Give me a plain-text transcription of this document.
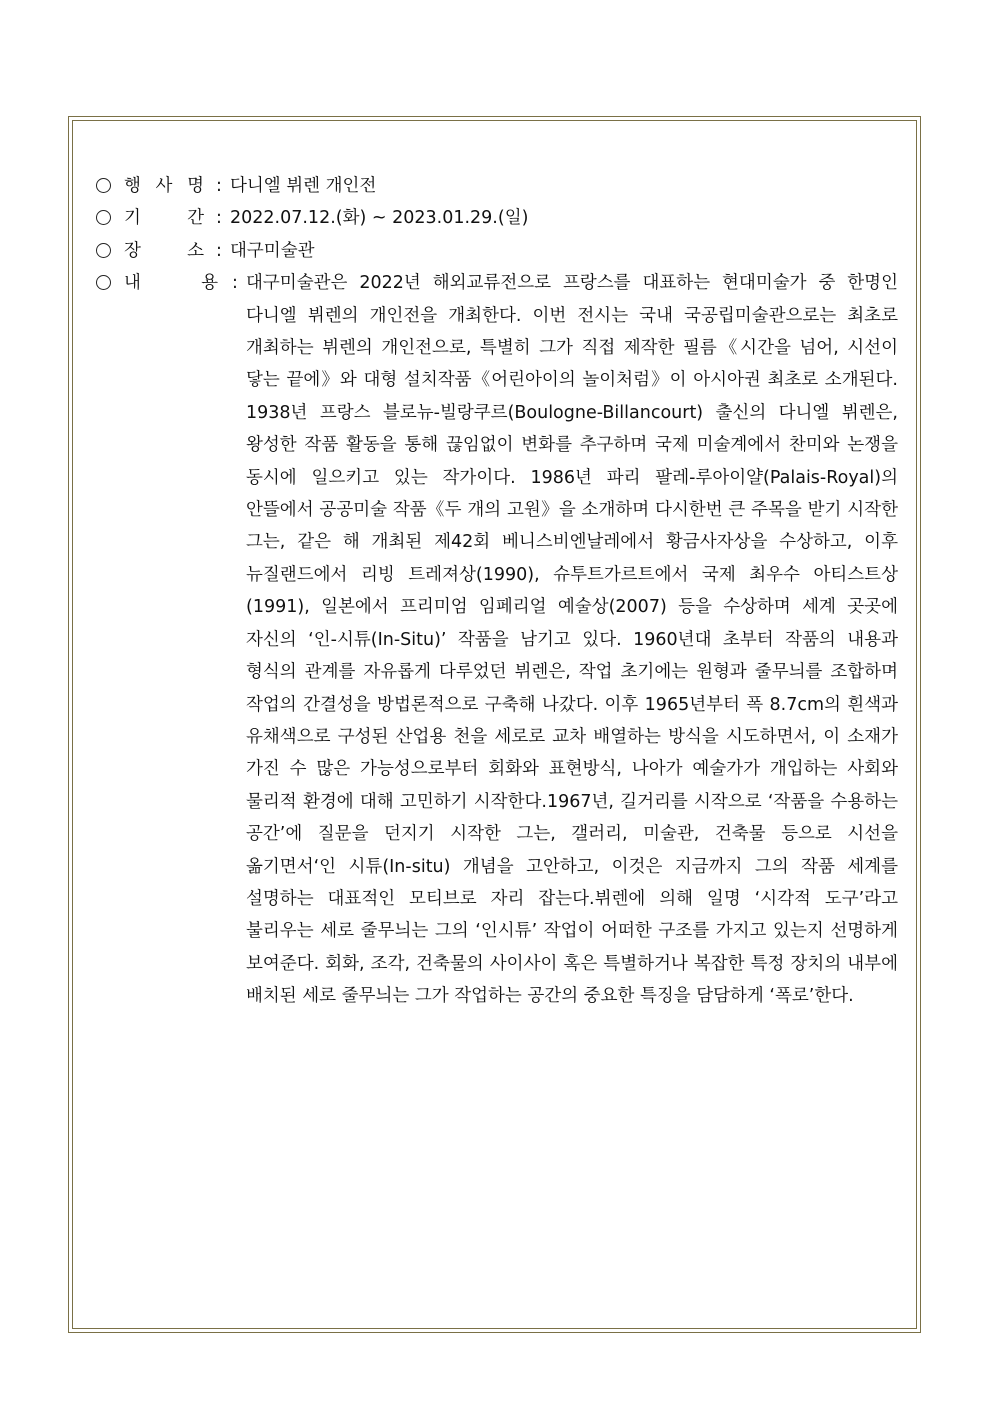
행 사 명 : 다니엘 뷔렌 개인전
기	간 : 2022.07.12.(화) ~ 2023.01.29.(일)
장	소 : 대구미술관
내	용 : 대구미술관은 2022년 해외교류전으로 프랑스를 대표하는 현대미술가 중 한명인 다니엘 뷔렌의 개인전을 개최한다. 이번 전시는 국내 국공립미술관으로는 최초로 개최하는 뷔렌의 개인전으로, 특별히 그가 직접 제작한 필름《시간을 넘어, 시선이 닿는 끝에》와 대형 설치작품《어린아이의 놀이처럼》이 아시아권 최초로 소개된다. 1938년 프랑스 블로뉴-빌랑쿠르(Boulogne-Billancourt) 출신의 다니엘 뷔렌은, 왕성한 작품 활동을 통해 끊임없이 변화를 추구하며 국제 미술계에서 찬미와 논쟁을 동시에 일으키고 있는 작가이다. 1986년 파리 팔레-루아이얄(Palais-Royal)의 안뜰에서 공공미술 작품《두 개의 고원》을 소개하며 다시한번 큰 주목을 받기 시작한 그는, 같은 해 개최된 제42회 베니스비엔날레에서 황금사자상을 수상하고, 이후 뉴질랜드에서 리빙 트레져상(1990), 슈투트가르트에서 국제 최우수 아티스트상(1991), 일본에서 프리미엄 임페리얼 예술상(2007) 등을 수상하며 세계 곳곳에 자신의 ‘인-시튜(In-Situ)’ 작품을 남기고 있다. 1960년대 초부터 작품의 내용과 형식의 관계를 자유롭게 다루었던 뷔렌은, 작업 초기에는 원형과 줄무늬를 조합하며 작업의 간결성을 방법론적으로 구축해 나갔다. 이후 1965년부터 폭 8.7cm의 흰색과 유채색으로 구성된 산업용 천을 세로로 교차 배열하는 방식을 시도하면서, 이 소재가 가진 수 많은 가능성으로부터 회화와 표현방식, 나아가 예술가가 개입하는 사회와 물리적 환경에 대해 고민하기 시작한다.1967년, 길거리를 시작으로 ‘작품을 수용하는 공간’에 질문을 던지기 시작한 그는, 갤러리, 미술관, 건축물 등으로 시선을 옮기면서‘인 시튜(In-situ) 개념을 고안하고, 이것은 지금까지 그의 작품 세계를 설명하는 대표적인 모티브로 자리 잡는다.뷔렌에 의해 일명 ‘시각적 도구’라고 불리우는 세로 줄무늬는 그의 ‘인시튜’ 작업이 어떠한 구조를 가지고 있는지 선명하게 보여준다. 회화, 조각, 건축물의 사이사이 혹은 특별하거나 복잡한 특정 장치의 내부에 배치된 세로 줄무늬는 그가 작업하는 공간의 중요한 특징을 담담하게 ‘폭로’한다.
